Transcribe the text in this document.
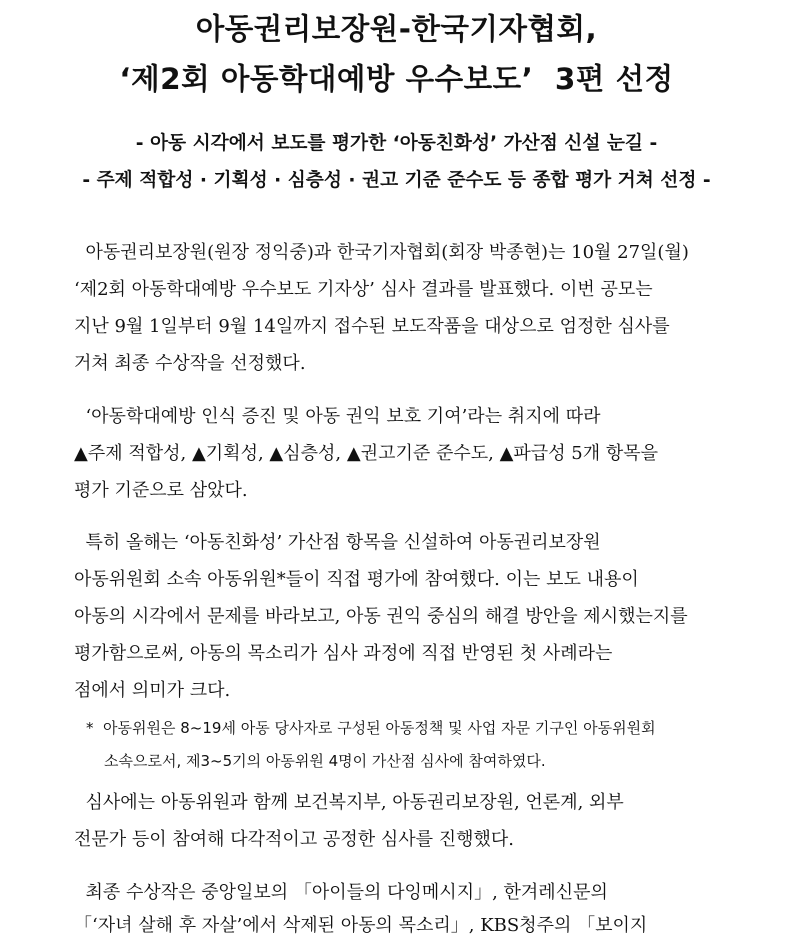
아동권리보장원-한국기자협회,
‘제2회 아동학대예방 우수보도’  3편 선정
- 아동 시각에서 보도를 평가한 ‘아동친화성’ 가산점 신설 눈길 -
- 주제 적합성 · 기획성 · 심층성 · 권고 기준 준수도 등 종합 평가 거쳐 선정 -
아동권리보장원(원장 정익중)과 한국기자협회(회장 박종현)는 10월 27일(월)
‘제2회 아동학대예방 우수보도 기자상’ 심사 결과를 발표했다. 이번 공모는
지난 9월 1일부터 9월 14일까지 접수된 보도작품을 대상으로 엄정한 심사를
거쳐 최종 수상작을 선정했다.
‘아동학대예방 인식 증진 및 아동 권익 보호 기여’라는 취지에 따라
▲주제 적합성, ▲기획성, ▲심층성, ▲권고기준 준수도, ▲파급성 5개 항목을
평가 기준으로 삼았다.
특히 올해는 ‘아동친화성’ 가산점 항목을 신설하여 아동권리보장원
아동위원회 소속 아동위원*들이 직접 평가에 참여했다. 이는 보도 내용이
아동의 시각에서 문제를 바라보고, 아동 권익 중심의 해결 방안을 제시했는지를
평가함으로써, 아동의 목소리가 심사 과정에 직접 반영된 첫 사례라는
점에서 의미가 크다.
*  아동위원은 8~19세 아동 당사자로 구성된 아동정책 및 사업 자문 기구인 아동위원회
소속으로서, 제3~5기의 아동위원 4명이 가산점 심사에 참여하였다.
심사에는 아동위원과 함께 보건복지부, 아동권리보장원, 언론계, 외부
전문가 등이 참여해 다각적이고 공정한 심사를 진행했다.
최종 수상작은 중앙일보의 「아이들의 다잉메시지」, 한겨레신문의
「‘자녀 살해 후 자살’에서 삭제된 아동의 목소리」, KBS청주의 「보이지
